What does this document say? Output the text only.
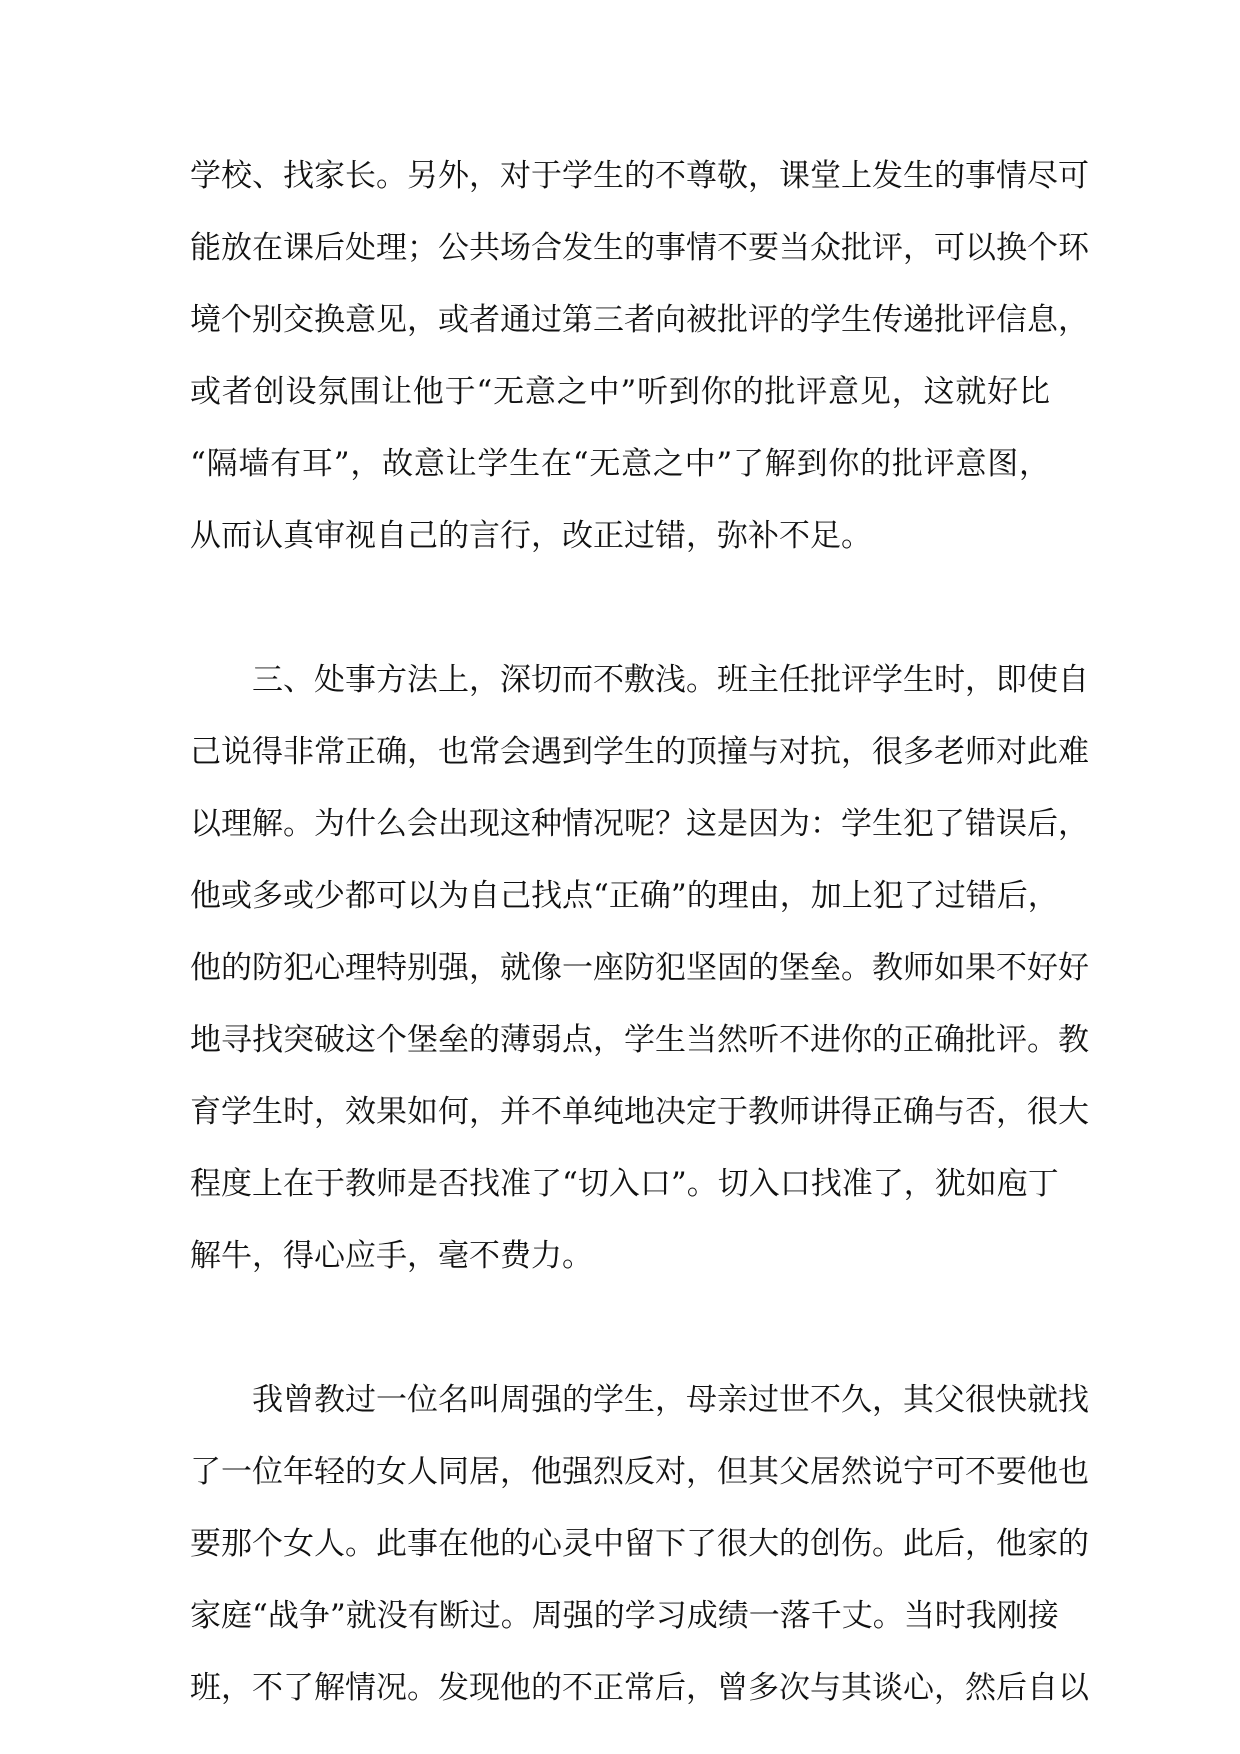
学校、找家长。另外，对于学生的不尊敬，课堂上发生的事情尽可
能放在课后处理；公共场合发生的事情不要当众批评，可以换个环
境个别交换意见，或者通过第三者向被批评的学生传递批评信息，
或者创设氛围让他于“无意之中”听到你的批评意见，这就好比
“隔墙有耳”，故意让学生在“无意之中”了解到你的批评意图，
从而认真审视自己的言行，改正过错，弥补不足。
三、处事方法上，深切而不敷浅。班主任批评学生时，即使自
己说得非常正确，也常会遇到学生的顶撞与对抗，很多老师对此难
以理解。为什么会出现这种情况呢？这是因为：学生犯了错误后，
他或多或少都可以为自己找点“正确”的理由，加上犯了过错后，
他的防犯心理特别强，就像一座防犯坚固的堡垒。教师如果不好好
地寻找突破这个堡垒的薄弱点，学生当然听不进你的正确批评。教
育学生时，效果如何，并不单纯地决定于教师讲得正确与否，很大
程度上在于教师是否找准了“切入口”。切入口找准了，犹如庖丁
解牛，得心应手，毫不费力。
我曾教过一位名叫周强的学生，母亲过世不久，其父很快就找
了一位年轻的女人同居，他强烈反对，但其父居然说宁可不要他也
要那个女人。此事在他的心灵中留下了很大的创伤。此后，他家的
家庭“战争”就没有断过。周强的学习成绩一落千丈。当时我刚接
班，不了解情况。发现他的不正常后，曾多次与其谈心，然后自以
